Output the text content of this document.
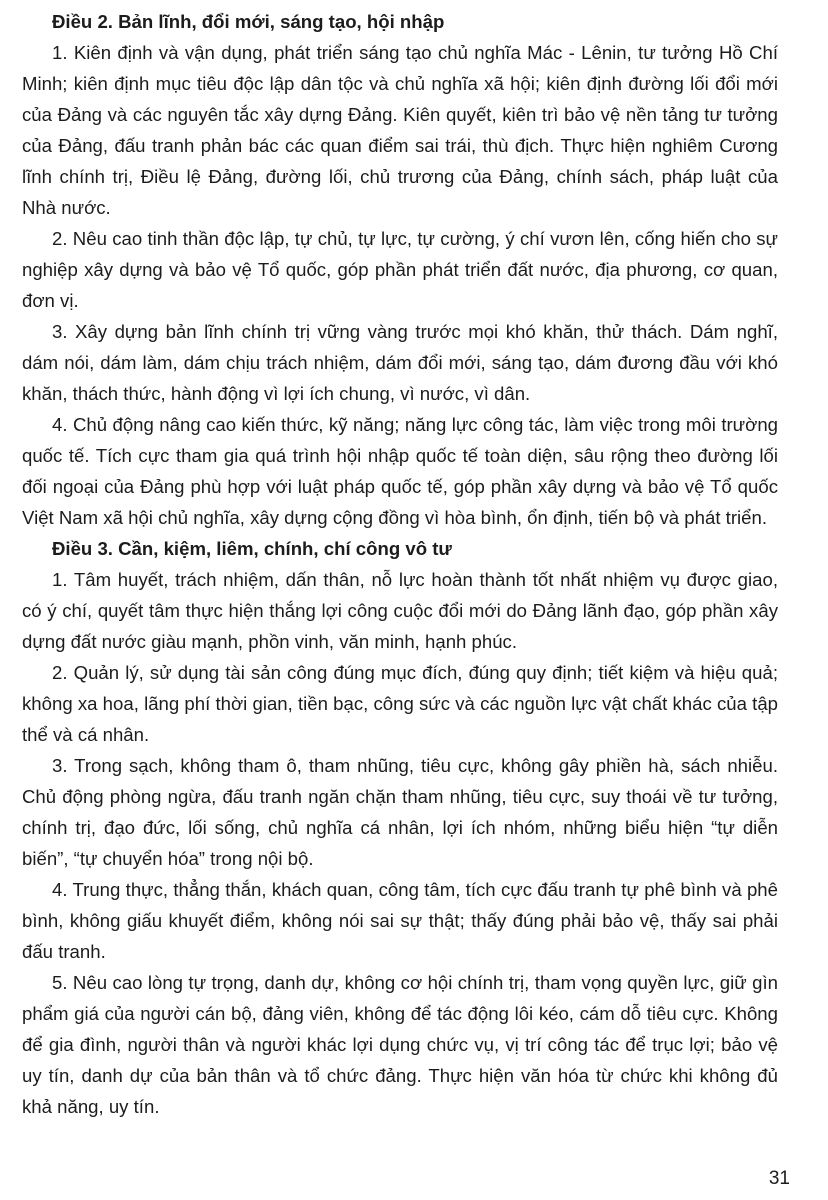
Điều 2. Bản lĩnh, đổi mới, sáng tạo, hội nhập

1. Kiên định và vận dụng, phát triển sáng tạo chủ nghĩa Mác - Lênin, tư tưởng Hồ Chí Minh; kiên định mục tiêu độc lập dân tộc và chủ nghĩa xã hội; kiên định đường lối đổi mới của Đảng và các nguyên tắc xây dựng Đảng. Kiên quyết, kiên trì bảo vệ nền tảng tư tưởng của Đảng, đấu tranh phản bác các quan điểm sai trái, thù địch. Thực hiện nghiêm Cương lĩnh chính trị, Điều lệ Đảng, đường lối, chủ trương của Đảng, chính sách, pháp luật của Nhà nước.

2. Nêu cao tinh thần độc lập, tự chủ, tự lực, tự cường, ý chí vươn lên, cống hiến cho sự nghiệp xây dựng và bảo vệ Tổ quốc, góp phần phát triển đất nước, địa phương, cơ quan, đơn vị.

3. Xây dựng bản lĩnh chính trị vững vàng trước mọi khó khăn, thử thách. Dám nghĩ, dám nói, dám làm, dám chịu trách nhiệm, dám đổi mới, sáng tạo, dám đương đầu với khó khăn, thách thức, hành động vì lợi ích chung, vì nước, vì dân.

4. Chủ động nâng cao kiến thức, kỹ năng; năng lực công tác, làm việc trong môi trường quốc tế. Tích cực tham gia quá trình hội nhập quốc tế toàn diện, sâu rộng theo đường lối đối ngoại của Đảng phù hợp với luật pháp quốc tế, góp phần xây dựng và bảo vệ Tổ quốc Việt Nam xã hội chủ nghĩa, xây dựng cộng đồng vì hòa bình, ổn định, tiến bộ và phát triển.

Điều 3. Cần, kiệm, liêm, chính, chí công vô tư

1. Tâm huyết, trách nhiệm, dấn thân, nỗ lực hoàn thành tốt nhất nhiệm vụ được giao, có ý chí, quyết tâm thực hiện thắng lợi công cuộc đổi mới do Đảng lãnh đạo, góp phần xây dựng đất nước giàu mạnh, phồn vinh, văn minh, hạnh phúc.

2. Quản lý, sử dụng tài sản công đúng mục đích, đúng quy định; tiết kiệm và hiệu quả; không xa hoa, lãng phí thời gian, tiền bạc, công sức và các nguồn lực vật chất khác của tập thể và cá nhân.

3. Trong sạch, không tham ô, tham nhũng, tiêu cực, không gây phiền hà, sách nhiễu. Chủ động phòng ngừa, đấu tranh ngăn chặn tham nhũng, tiêu cực, suy thoái về tư tưởng, chính trị, đạo đức, lối sống, chủ nghĩa cá nhân, lợi ích nhóm, những biểu hiện “tự diễn biến”, “tự chuyển hóa” trong nội bộ.

4. Trung thực, thẳng thắn, khách quan, công tâm, tích cực đấu tranh tự phê bình và phê bình, không giấu khuyết điểm, không nói sai sự thật; thấy đúng phải bảo vệ, thấy sai phải đấu tranh.

5. Nêu cao lòng tự trọng, danh dự, không cơ hội chính trị, tham vọng quyền lực, giữ gìn phẩm giá của người cán bộ, đảng viên, không để tác động lôi kéo, cám dỗ tiêu cực. Không để gia đình, người thân và người khác lợi dụng chức vụ, vị trí công tác để trục lợi; bảo vệ uy tín, danh dự của bản thân và tổ chức đảng. Thực hiện văn hóa từ chức khi không đủ khả năng, uy tín.

31
